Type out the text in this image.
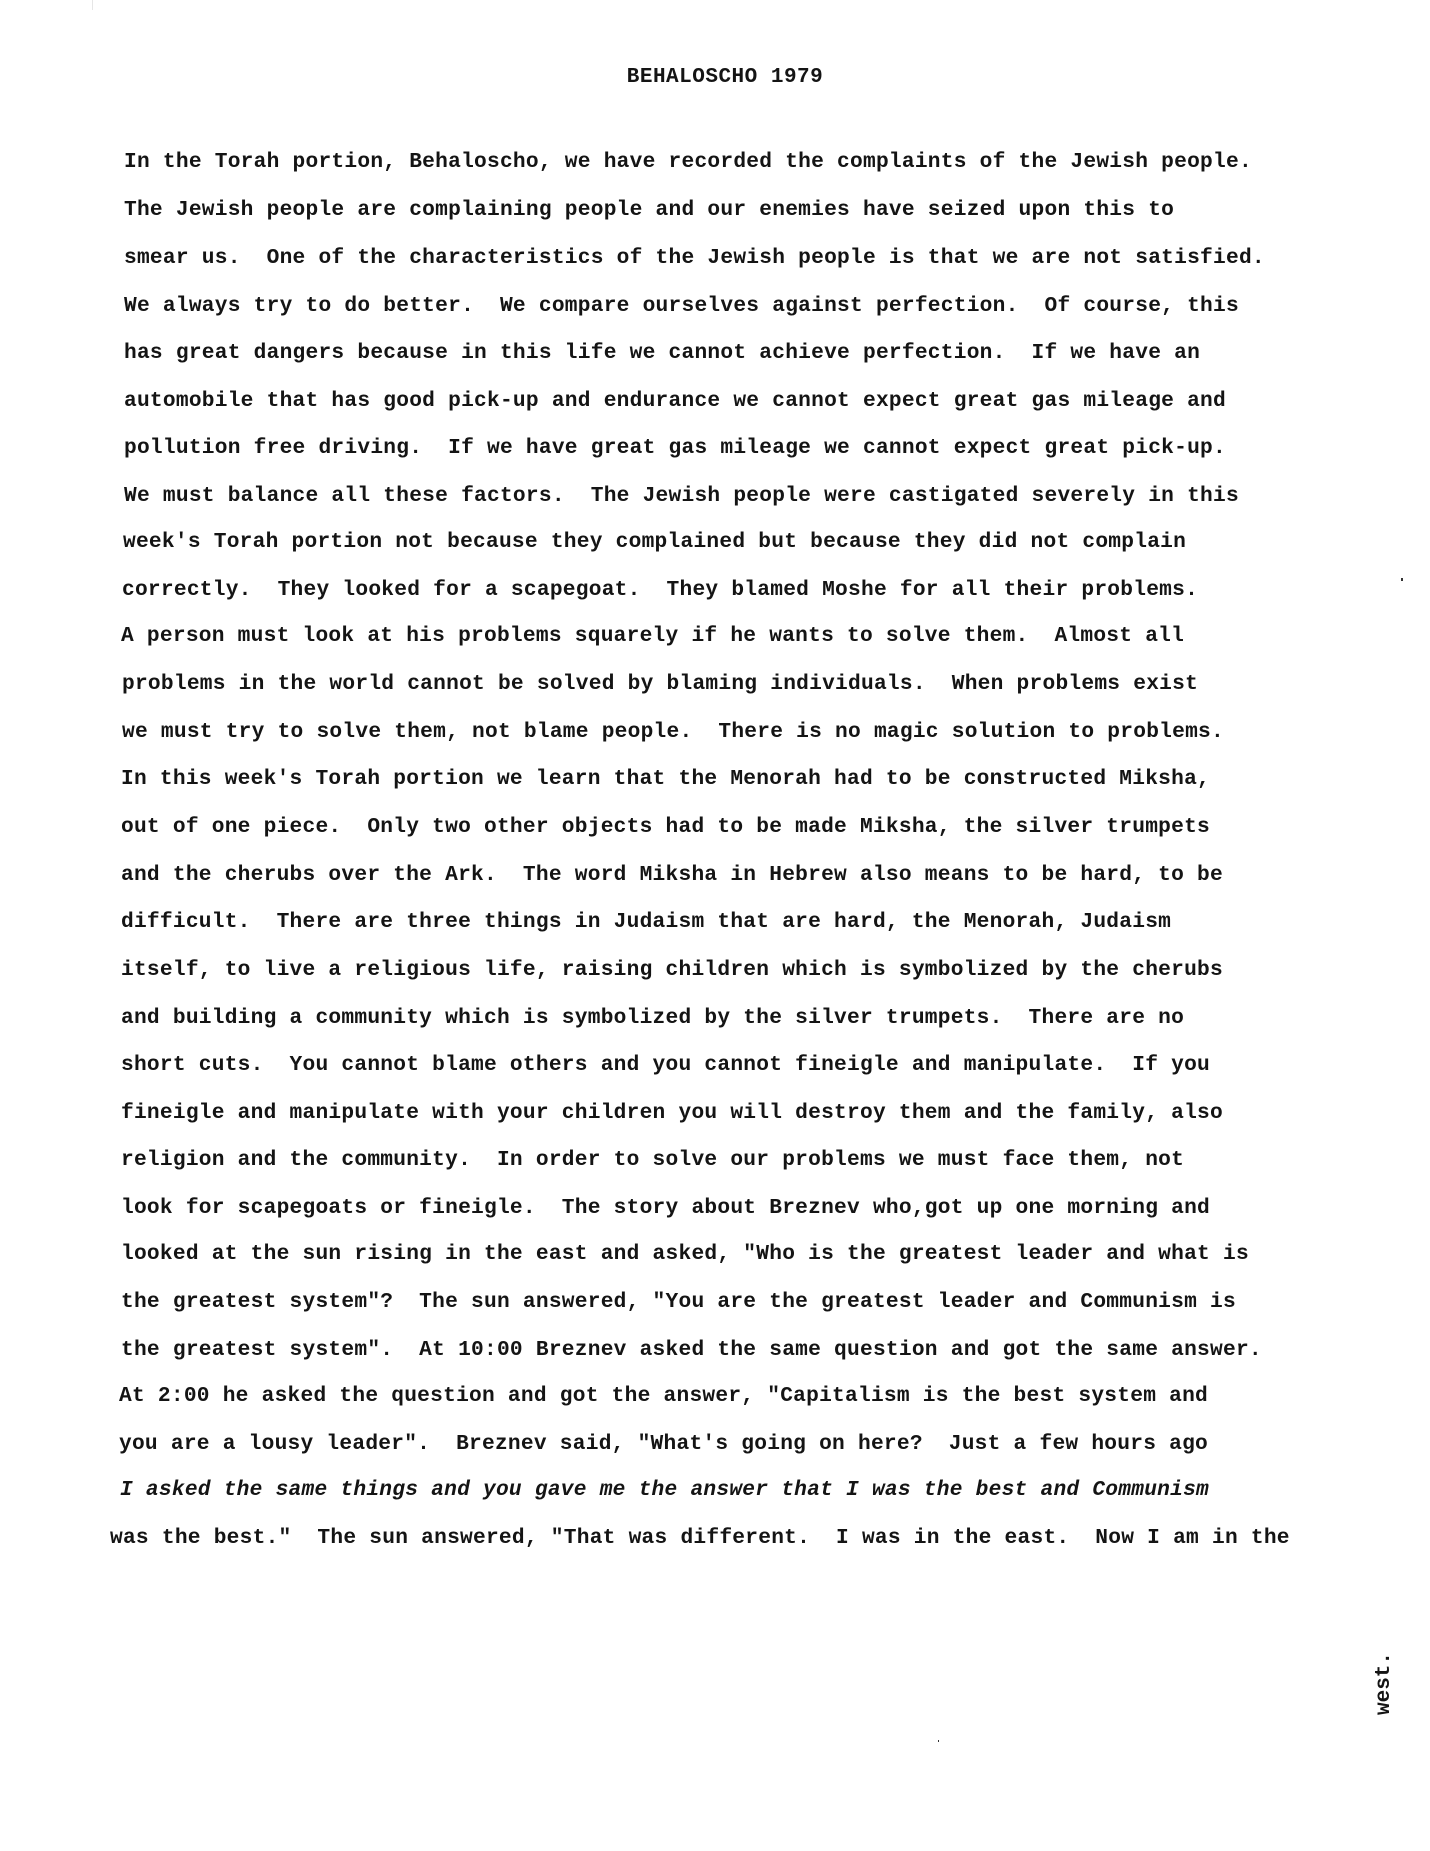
BEHALOSCHO 1979
In the Torah portion, Behaloscho, we have recorded the complaints of the Jewish people.
The Jewish people are complaining people and our enemies have seized upon this to
smear us.  One of the characteristics of the Jewish people is that we are not satisfied.
We always try to do better.  We compare ourselves against perfection.  Of course, this
has great dangers because in this life we cannot achieve perfection.  If we have an
automobile that has good pick-up and endurance we cannot expect great gas mileage and
pollution free driving.  If we have great gas mileage we cannot expect great pick-up.
We must balance all these factors.  The Jewish people were castigated severely in this
week's Torah portion not because they complained but because they did not complain
correctly.  They looked for a scapegoat.  They blamed Moshe for all their problems.
A person must look at his problems squarely if he wants to solve them.  Almost all
problems in the world cannot be solved by blaming individuals.  When problems exist
we must try to solve them, not blame people.  There is no magic solution to problems.
In this week's Torah portion we learn that the Menorah had to be constructed Miksha,
out of one piece.  Only two other objects had to be made Miksha, the silver trumpets
and the cherubs over the Ark.  The word Miksha in Hebrew also means to be hard, to be
difficult.  There are three things in Judaism that are hard, the Menorah, Judaism
itself, to live a religious life, raising children which is symbolized by the cherubs
and building a community which is symbolized by the silver trumpets.  There are no
short cuts.  You cannot blame others and you cannot fineigle and manipulate.  If you
fineigle and manipulate with your children you will destroy them and the family, also
religion and the community.  In order to solve our problems we must face them, not
look for scapegoats or fineigle.  The story about Breznev who,got up one morning and
looked at the sun rising in the east and asked, "Who is the greatest leader and what is
the greatest system"?  The sun answered, "You are the greatest leader and Communism is
the greatest system".  At 10:00 Breznev asked the same question and got the same answer.
At 2:00 he asked the question and got the answer, "Capitalism is the best system and
you are a lousy leader".  Breznev said, "What's going on here?  Just a few hours ago
I asked the same things and you gave me the answer that I was the best and Communism
was the best."  The sun answered, "That was different.  I was in the east.  Now I am in the
west.
